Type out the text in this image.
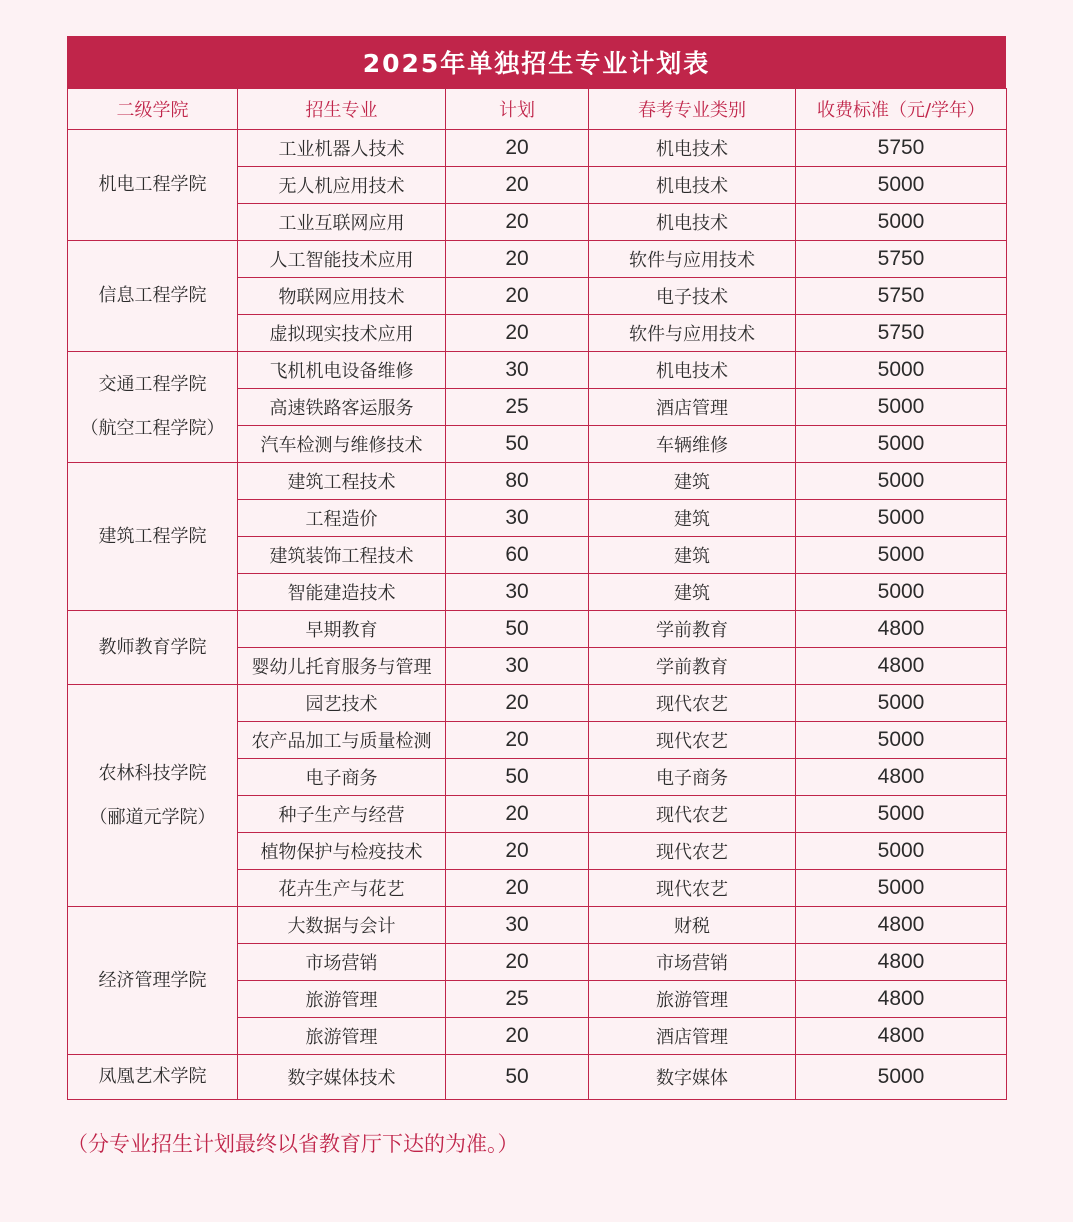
2025年单独招生专业计划表
二级学院	招生专业	计划	春考专业类别	收费标准（元/学年）

机电工程学院	工业机器人技术	20	机电技术	5750
	无人机应用技术	20	机电技术	5000
	工业互联网应用	20	机电技术	5000

信息工程学院	人工智能技术应用	20	软件与应用技术	5750
	物联网应用技术	20	电子技术	5750
	虚拟现实技术应用	20	软件与应用技术	5750

交通工程学院
（航空工程学院）	飞机机电设备维修	30	机电技术	5000
	高速铁路客运服务	25	酒店管理	5000
	汽车检测与维修技术	50	车辆维修	5000

建筑工程学院	建筑工程技术	80	建筑	5000
	工程造价	30	建筑	5000
	建筑装饰工程技术	60	建筑	5000
	智能建造技术	30	建筑	5000

教师教育学院	早期教育	50	学前教育	4800
	婴幼儿托育服务与管理	30	学前教育	4800

农林科技学院
（郦道元学院）	园艺技术	20	现代农艺	5000
	农产品加工与质量检测	20	现代农艺	5000
	电子商务	50	电子商务	4800
	种子生产与经营	20	现代农艺	5000
	植物保护与检疫技术	20	现代农艺	5000
	花卉生产与花艺	20	现代农艺	5000

经济管理学院	大数据与会计	30	财税	4800
	市场营销	20	市场营销	4800
	旅游管理	25	旅游管理	4800
	旅游管理	20	酒店管理	4800

凤凰艺术学院	数字媒体技术	50	数字媒体	5000
（分专业招生计划最终以省教育厅下达的为准。）
